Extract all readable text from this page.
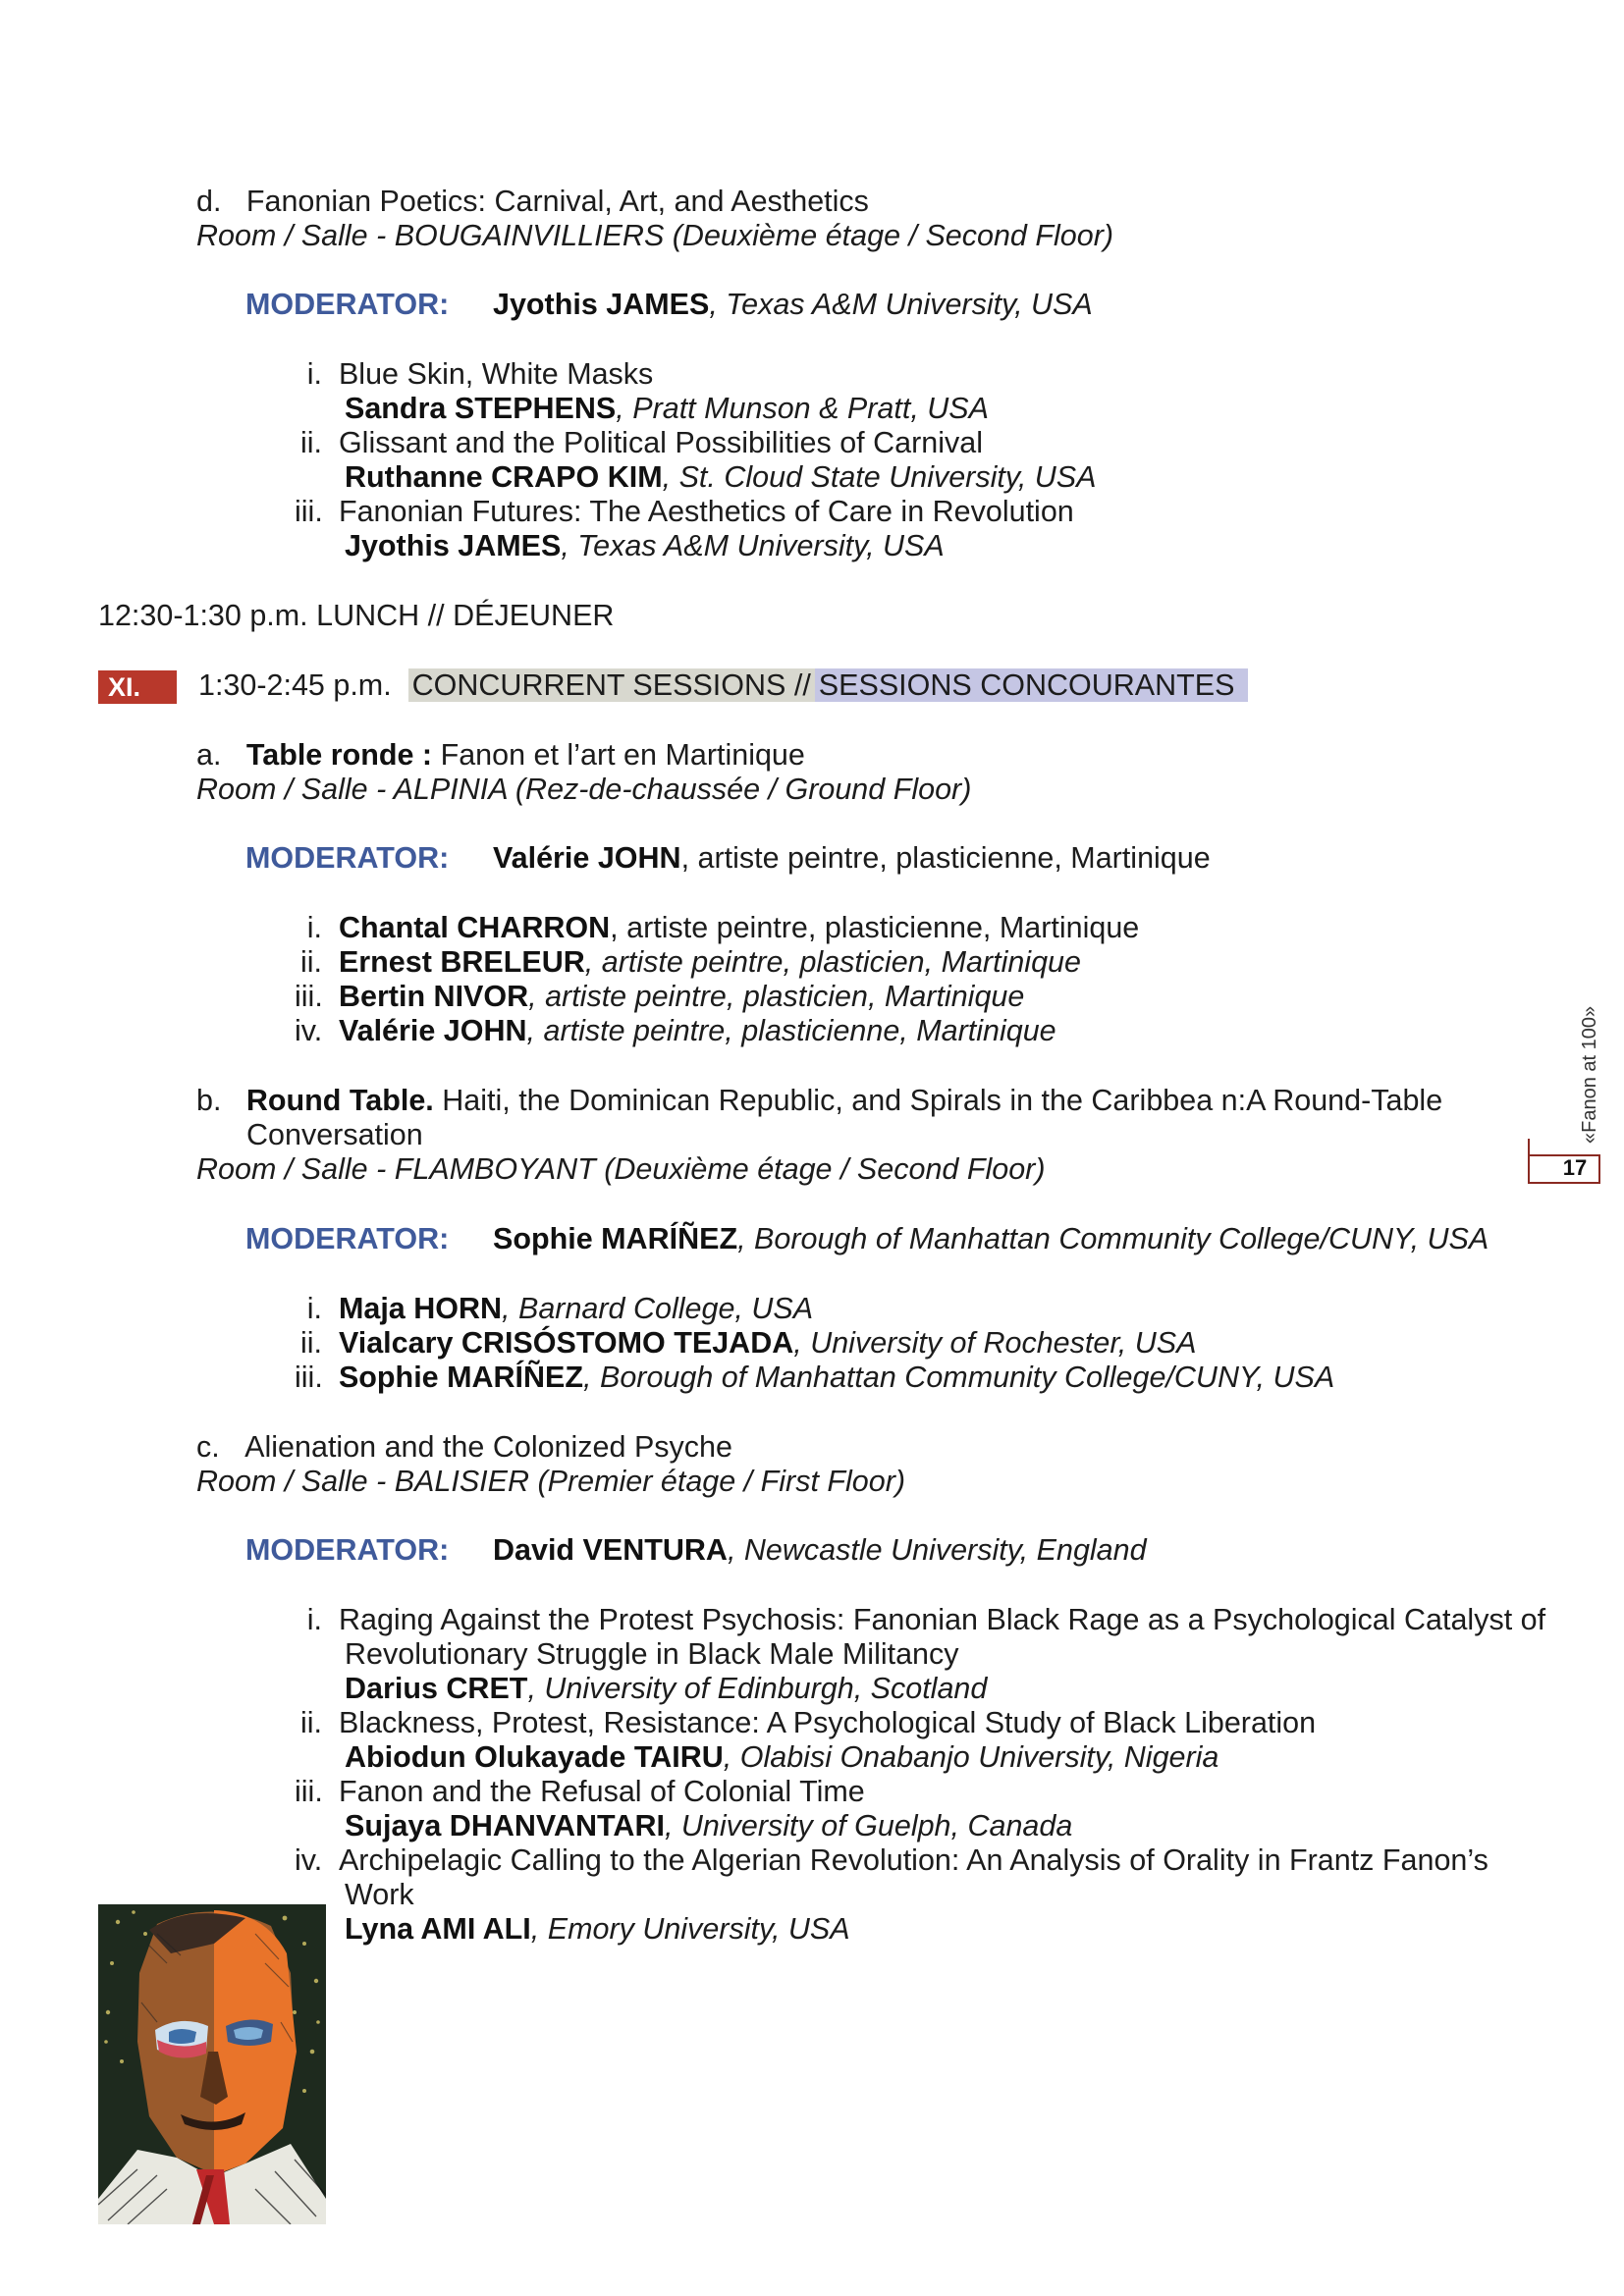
d. Fanonian Poetics: Carnival, Art, and Aesthetics
Room / Salle - BOUGAINVILLIERS (Deuxième étage / Second Floor)
MODERATOR: Jyothis JAMES, Texas A&M University, USA
i. Blue Skin, White Masks
Sandra STEPHENS, Pratt Munson & Pratt, USA
ii. Glissant and the Political Possibilities of Carnival
Ruthanne CRAPO KIM, St. Cloud State University, USA
iii. Fanonian Futures: The Aesthetics of Care in Revolution
Jyothis JAMES, Texas A&M University, USA
12:30-1:30 p.m. LUNCH // DÉJEUNER
XI.	1:30-2:45 p.m. CONCURRENT SESSIONS // SESSIONS CONCOURANTES
a. Table ronde : Fanon et l’art en Martinique
Room / Salle - ALPINIA (Rez-de-chaussée / Ground Floor)
MODERATOR: Valérie JOHN, artiste peintre, plasticienne, Martinique
i. Chantal CHARRON, artiste peintre, plasticienne, Martinique
ii. Ernest BRELEUR, artiste peintre, plasticien, Martinique
iii. Bertin NIVOR, artiste peintre, plasticien, Martinique
iv. Valérie JOHN, artiste peintre, plasticienne, Martinique
b. Round Table. Haiti, the Dominican Republic, and Spirals in the Caribbea n:A Round-Table
Conversation
Room / Salle - FLAMBOYANT (Deuxième étage / Second Floor)
MODERATOR: Sophie MARÍÑEZ, Borough of Manhattan Community College/CUNY, USA
i. Maja HORN, Barnard College, USA
ii. Vialcary CRISÓSTOMO TEJADA, University of Rochester, USA
iii. Sophie MARÍÑEZ, Borough of Manhattan Community College/CUNY, USA
c. Alienation and the Colonized Psyche
Room / Salle - BALISIER (Premier étage / First Floor)
MODERATOR: David VENTURA, Newcastle University, England
i. Raging Against the Protest Psychosis: Fanonian Black Rage as a Psychological Catalyst of
Revolutionary Struggle in Black Male Militancy
Darius CRET, University of Edinburgh, Scotland
ii. Blackness, Protest, Resistance: A Psychological Study of Black Liberation
Abiodun Olukayade TAIRU, Olabisi Onabanjo University, Nigeria
iii. Fanon and the Refusal of Colonial Time
Sujaya DHANVANTARI, University of Guelph, Canada
iv. Archipelagic Calling to the Algerian Revolution: An Analysis of Orality in Frantz Fanon’s
Work
Lyna AMI ALI, Emory University, USA
«Fanon at 100»
17
